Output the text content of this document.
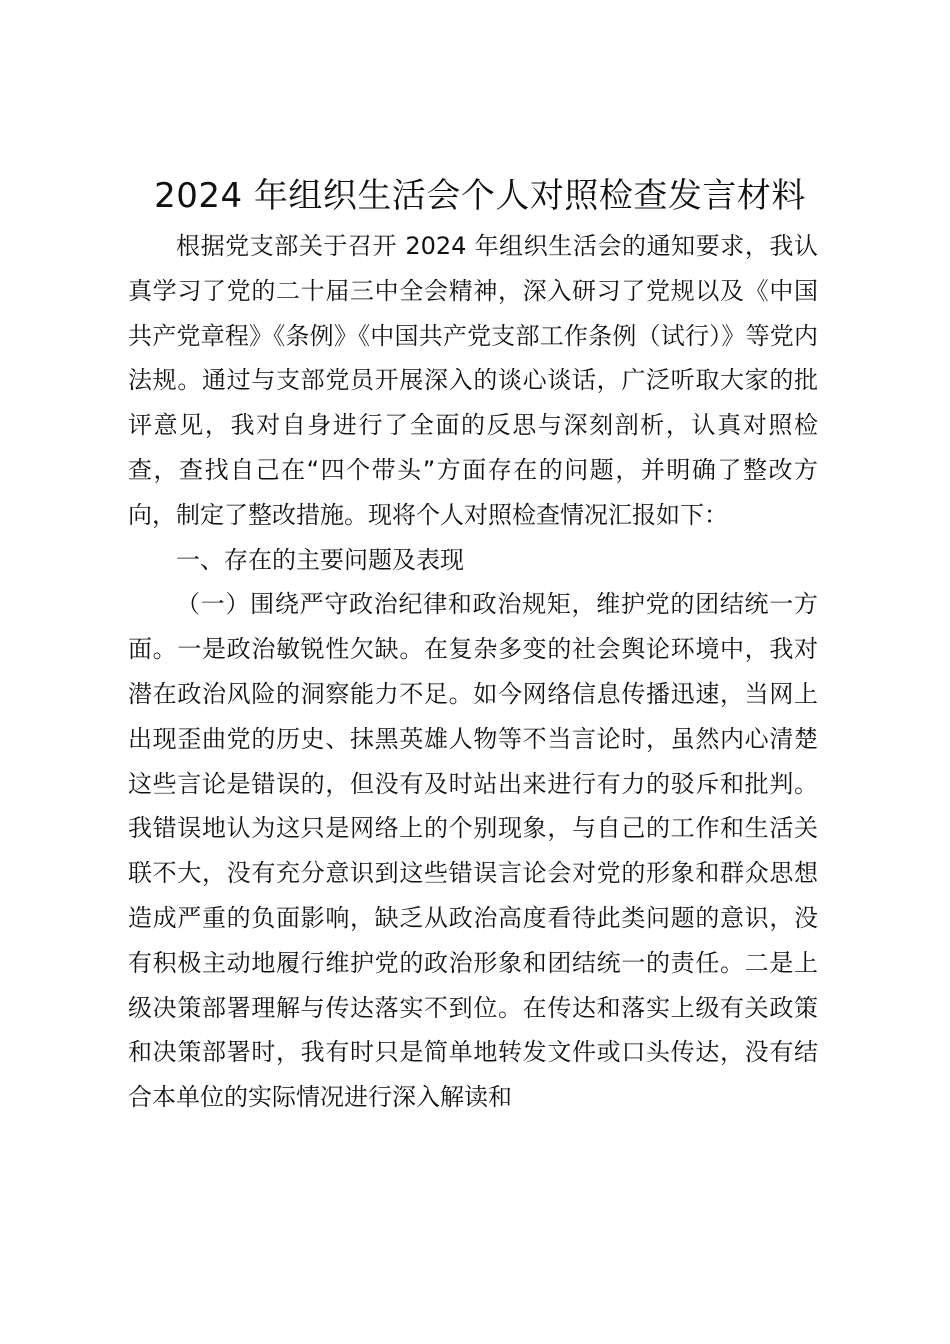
2024 年组织生活会个人对照检查发言材料

根据党支部关于召开 2024 年组织生活会的通知要求，我认真学习了党的二十届三中全会精神，深入研习了党规以及《中国共产党章程》《条例》《中国共产党支部工作条例（试行）》等党内法规。通过与支部党员开展深入的谈心谈话，广泛听取大家的批评意见，我对自身进行了全面的反思与深刻剖析，认真对照检查，查找自己在“四个带头”方面存在的问题，并明确了整改方向，制定了整改措施。现将个人对照检查情况汇报如下：

一、存在的主要问题及表现

（一）围绕严守政治纪律和政治规矩，维护党的团结统一方面。一是政治敏锐性欠缺。在复杂多变的社会舆论环境中，我对潜在政治风险的洞察能力不足。如今网络信息传播迅速，当网上出现歪曲党的历史、抹黑英雄人物等不当言论时，虽然内心清楚这些言论是错误的，但没有及时站出来进行有力的驳斥和批判。我错误地认为这只是网络上的个别现象，与自己的工作和生活关联不大，没有充分意识到这些错误言论会对党的形象和群众思想造成严重的负面影响，缺乏从政治高度看待此类问题的意识，没有积极主动地履行维护党的政治形象和团结统一的责任。二是上级决策部署理解与传达落实不到位。在传达和落实上级有关政策和决策部署时，我有时只是简单地转发文件或口头传达，没有结合本单位的实际情况进行深入解读和
